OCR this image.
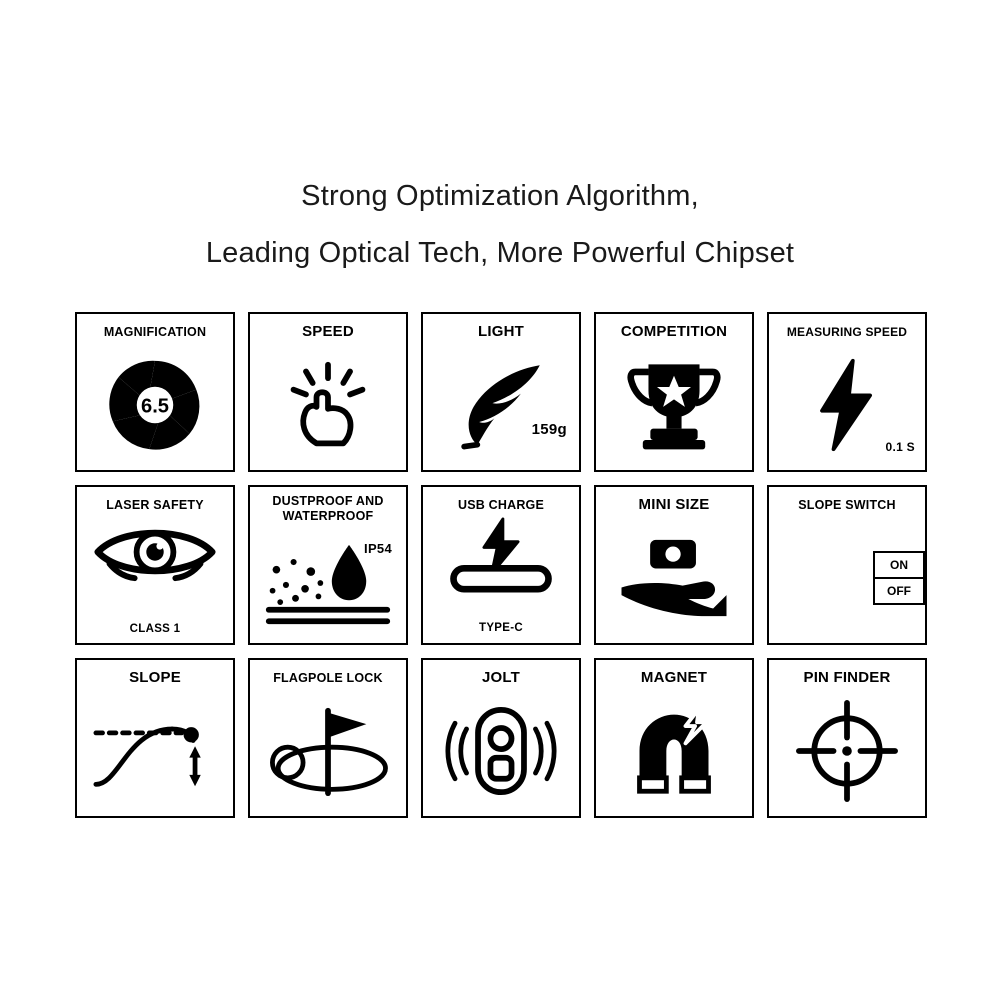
Strong Optimization Algorithm,
Leading Optical Tech, More Powerful Chipset
MAGNIFICATION
6.5
SPEED	LIGHT
159g
COMPETITION	MEASURING SPEED
0.1 S
LASER SAFETY
CLASS 1
DUSTPROOF AND WATERPROOF
IP54
USB CHARGE
TYPE-C
MINI SIZE	SLOPE SWITCH
ON
OFF
SLOPE	FLAGPOLE LOCK	JOLT	MAGNET	PIN FINDER
